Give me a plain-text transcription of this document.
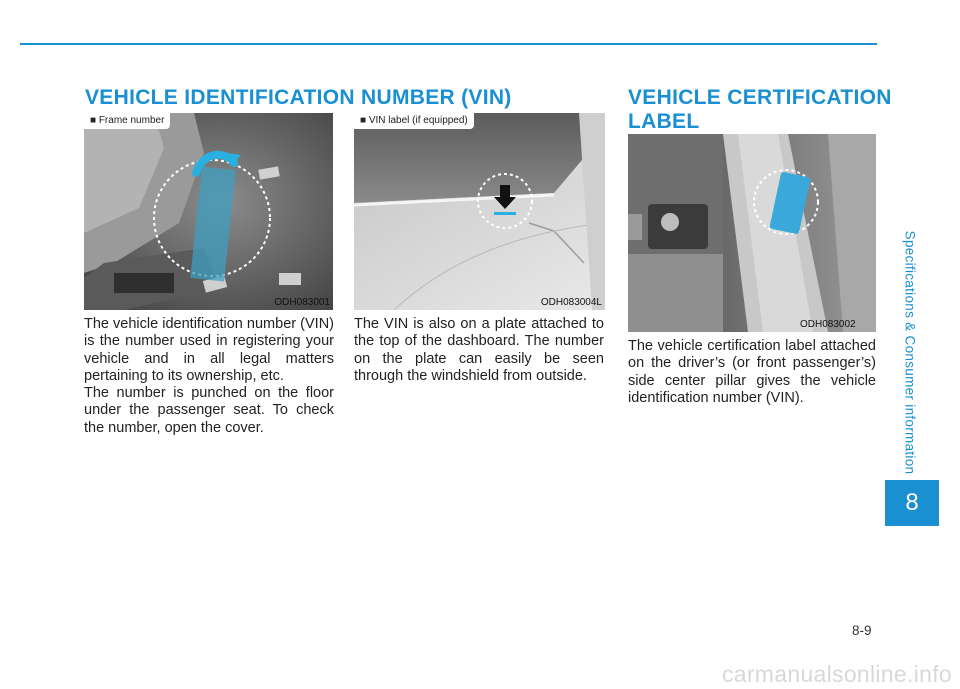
VEHICLE IDENTIFICATION NUMBER (VIN)	VEHICLE CERTIFICATION
LABEL
■ Frame number
ODH083001
■ VIN label (if equipped)
ODH083004L
ODH083002

The vehicle identification number (VIN) is the number used in registering your vehicle and in all legal matters pertaining to its ownership, etc.

The number is punched on the floor under the passenger seat. To check the number, open the cover.

The VIN is also on a plate attached to the top of the dashboard. The number on the plate can easily be seen through the windshield from outside.

The vehicle certification label attached on the driver’s (or front passenger’s) side center pillar gives the vehicle identification number (VIN).	Specifications & Consumer information
8
8-9
carmanualsonline.info
